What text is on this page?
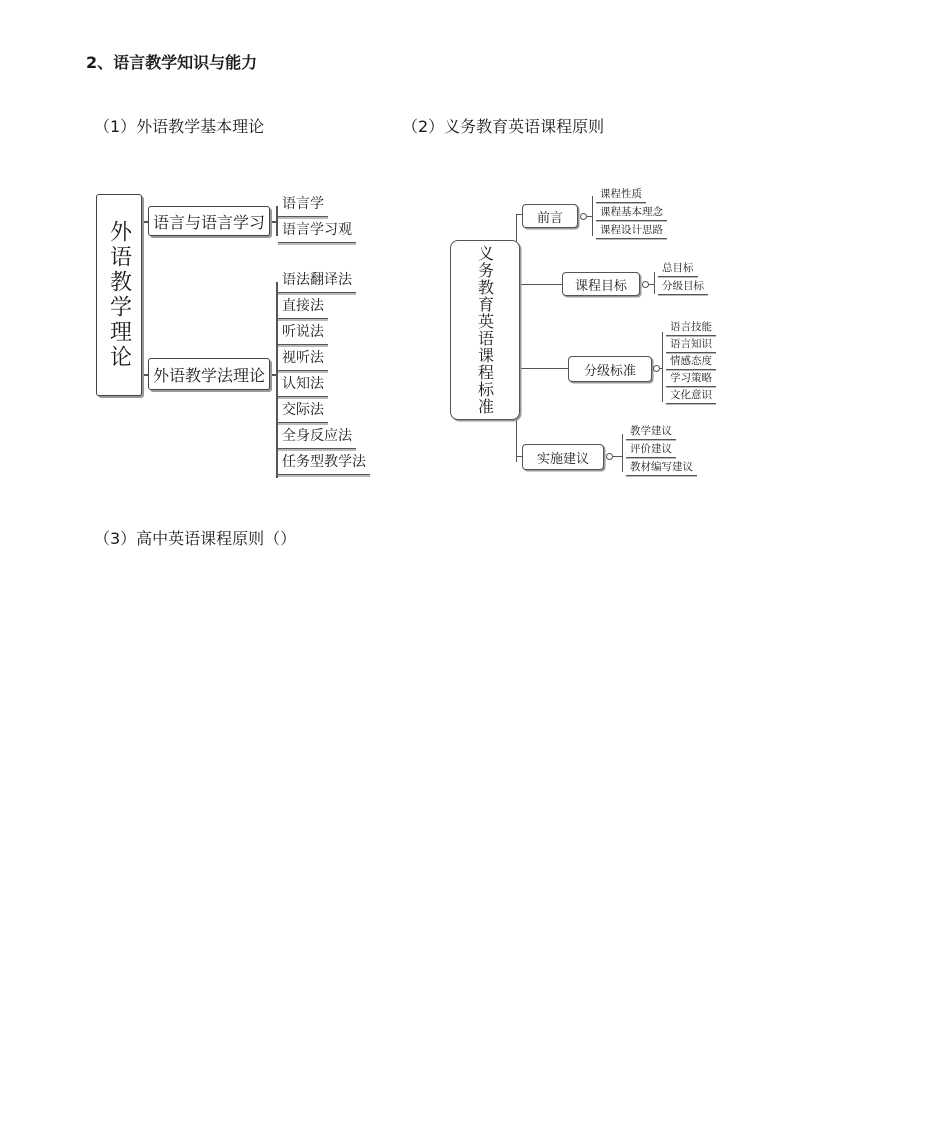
2、语言教学知识与能力
（1）外语教学基本理论	（2）义务教育英语课程原则
（3）高中英语课程原则（）
外语教学理论	语言与语言学习
外语教学法理论
语言学
语言学习观
语法翻译法
直接法
听说法
视听法
认知法
交际法
全身反应法
任务型教学法
义务教育英语课程标准
前言
课程性质
课程基本理念
课程设计思路
课程目标
总目标
分级目标
分级标准
语言技能
语言知识
情感态度
学习策略
文化意识
实施建议
教学建议
评价建议
教材编写建议
